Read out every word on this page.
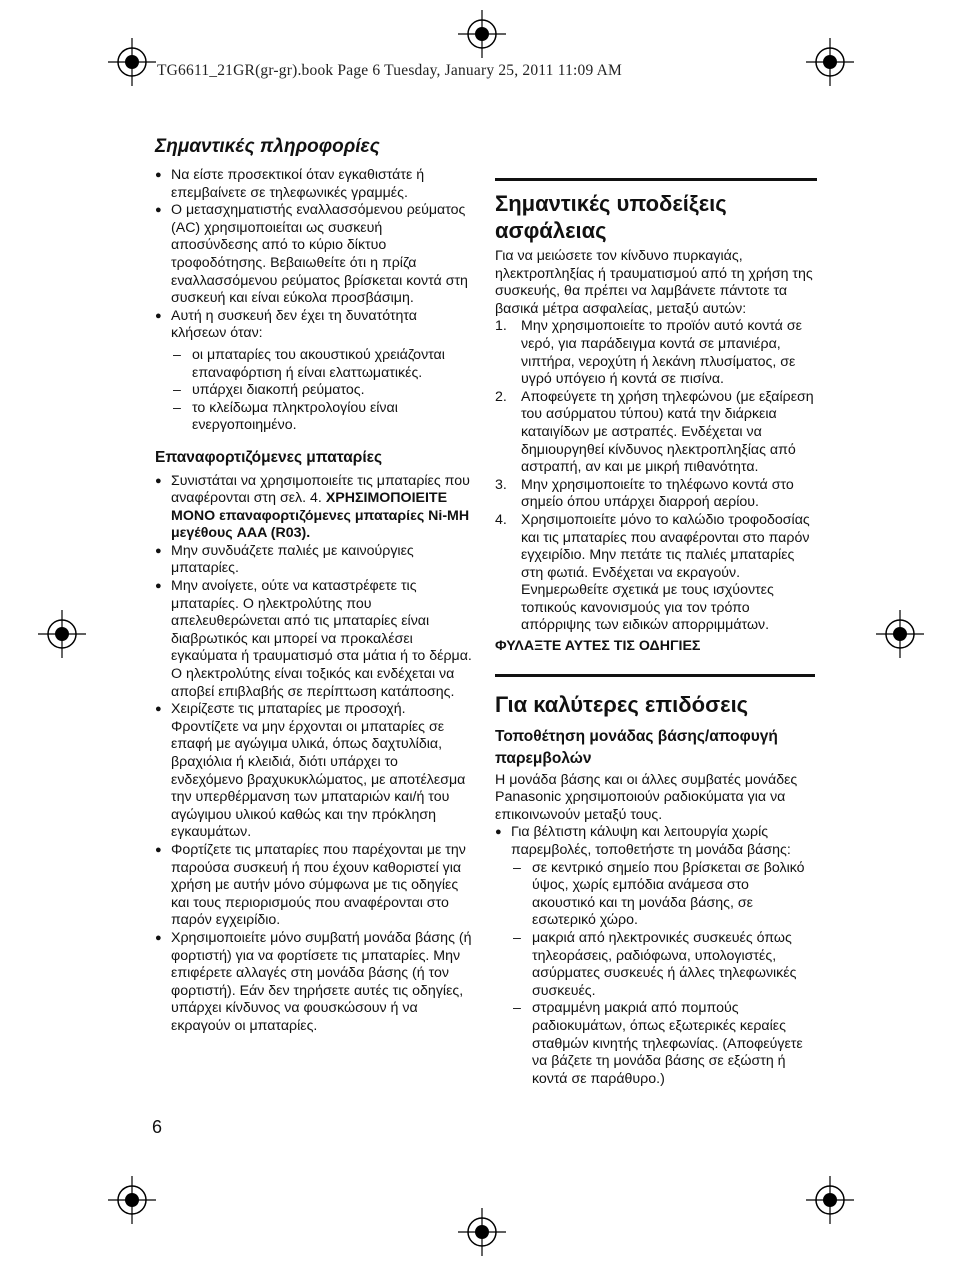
TG6611_21GR(gr-gr).book Page 6 Tuesday, January 25, 2011 11:09 AM
Σημαντικές πληροφορίες

● Να είστε προσεκτικοί όταν εγκαθιστάτε ή επεμβαίνετε σε τηλεφωνικές γραμμές.

● Ο μετασχηματιστής εναλλασσόμενου ρεύματος (AC) χρησιμοποιείται ως συσκευή αποσύνδεσης από το κύριο δίκτυο τροφοδότησης. Βεβαιωθείτε ότι η πρίζα εναλλασσόμενου ρεύματος βρίσκεται κοντά στη συσκευή και είναι εύκολα προσβάσιμη.

● Αυτή η συσκευή δεν έχει τη δυνατότητα κλήσεων όταν:

– οι μπαταρίες του ακουστικού χρειάζονται επαναφόρτιση ή είναι ελαττωματικές.

– υπάρχει διακοπή ρεύματος.

– το κλείδωμα πληκτρολογίου είναι ενεργοποιημένο.

Επαναφορτιζόμενες μπαταρίες

● Συνιστάται να χρησιμοποιείτε τις μπαταρίες που αναφέρονται στη σελ. 4. ΧΡΗΣΙΜΟΠΟΙΕΙΤΕ ΜΟΝΟ επαναφορτιζόμενες μπαταρίες Ni-MH μεγέθους AAA (R03).

● Μην συνδυάζετε παλιές με καινούργιες μπαταρίες.

● Μην ανοίγετε, ούτε να καταστρέφετε τις μπαταρίες. Ο ηλεκτρολύτης που απελευθερώνεται από τις μπαταρίες είναι διαβρωτικός και μπορεί να προκαλέσει εγκαύματα ή τραυματισμό στα μάτια ή το δέρμα. Ο ηλεκτρολύτης είναι τοξικός και ενδέχεται να αποβεί επιβλαβής σε περίπτωση κατάποσης.

● Χειρίζεστε τις μπαταρίες με προσοχή. Φροντίζετε να μην έρχονται οι μπαταρίες σε επαφή με αγώγιμα υλικά, όπως δαχτυλίδια, βραχιόλια ή κλειδιά, διότι υπάρχει το ενδεχόμενο βραχυκυκλώματος, με αποτέλεσμα την υπερθέρμανση των μπαταριών και/ή του αγώγιμου υλικού καθώς και την πρόκληση εγκαυμάτων.

● Φορτίζετε τις μπαταρίες που παρέχονται με την παρούσα συσκευή ή που έχουν καθοριστεί για χρήση με αυτήν μόνο σύμφωνα με τις οδηγίες και τους περιορισμούς που αναφέρονται στο παρόν εγχειρίδιο.

● Χρησιμοποιείτε μόνο συμβατή μονάδα βάσης (ή φορτιστή) για να φορτίσετε τις μπαταρίες. Μην επιφέρετε αλλαγές στη μονάδα βάσης (ή τον φορτιστή). Εάν δεν τηρήσετε αυτές τις οδηγίες, υπάρχει κίνδυνος να φουσκώσουν ή να εκραγούν οι μπαταρίες.

Σημαντικές υποδείξεις ασφάλειας

Για να μειώσετε τον κίνδυνο πυρκαγιάς, ηλεκτροπληξίας ή τραυματισμού από τη χρήση της συσκευής, θα πρέπει να λαμβάνετε πάντοτε τα βασικά μέτρα ασφαλείας, μεταξύ αυτών:

1. Μην χρησιμοποιείτε το προϊόν αυτό κοντά σε νερό, για παράδειγμα κοντά σε μπανιέρα, νιπτήρα, νεροχύτη ή λεκάνη πλυσίματος, σε υγρό υπόγειο ή κοντά σε πισίνα.

2. Αποφεύγετε τη χρήση τηλεφώνου (με εξαίρεση του ασύρματου τύπου) κατά την διάρκεια καταιγίδων με αστραπές. Ενδέχεται να δημιουργηθεί κίνδυνος ηλεκτροπληξίας από αστραπή, αν και με μικρή πιθανότητα.

3. Μην χρησιμοποιείτε το τηλέφωνο κοντά στο σημείο όπου υπάρχει διαρροή αερίου.

4. Χρησιμοποιείτε μόνο το καλώδιο τροφοδοσίας και τις μπαταρίες που αναφέρονται στο παρόν εγχειρίδιο. Μην πετάτε τις παλιές μπαταρίες στη φωτιά. Ενδέχεται να εκραγούν. Ενημερωθείτε σχετικά με τους ισχύοντες τοπικούς κανονισμούς για τον τρόπο απόρριψης των ειδικών απορριμμάτων.

ΦΥΛΑΞΤΕ ΑΥΤΕΣ ΤΙΣ ΟΔΗΓΙΕΣ

Για καλύτερες επιδόσεις
Τοποθέτηση μονάδας βάσης/αποφυγή παρεμβολών

Η μονάδα βάσης και οι άλλες συμβατές μονάδες Panasonic χρησιμοποιούν ραδιοκύματα για να επικοινωνούν μεταξύ τους.

● Για βέλτιστη κάλυψη και λειτουργία χωρίς παρεμβολές, τοποθετήστε τη μονάδα βάσης:

– σε κεντρικό σημείο που βρίσκεται σε βολικό ύψος, χωρίς εμπόδια ανάμεσα στο ακουστικό και τη μονάδα βάσης, σε εσωτερικό χώρο.

– μακριά από ηλεκτρονικές συσκευές όπως τηλεοράσεις, ραδιόφωνα, υπολογιστές, ασύρματες συσκευές ή άλλες τηλεφωνικές συσκευές.

– στραμμένη μακριά από πομπούς ραδιοκυμάτων, όπως εξωτερικές κεραίες σταθμών κινητής τηλεφωνίας. (Αποφεύγετε να βάζετε τη μονάδα βάσης σε εξώστη ή κοντά σε παράθυρο.)

6
